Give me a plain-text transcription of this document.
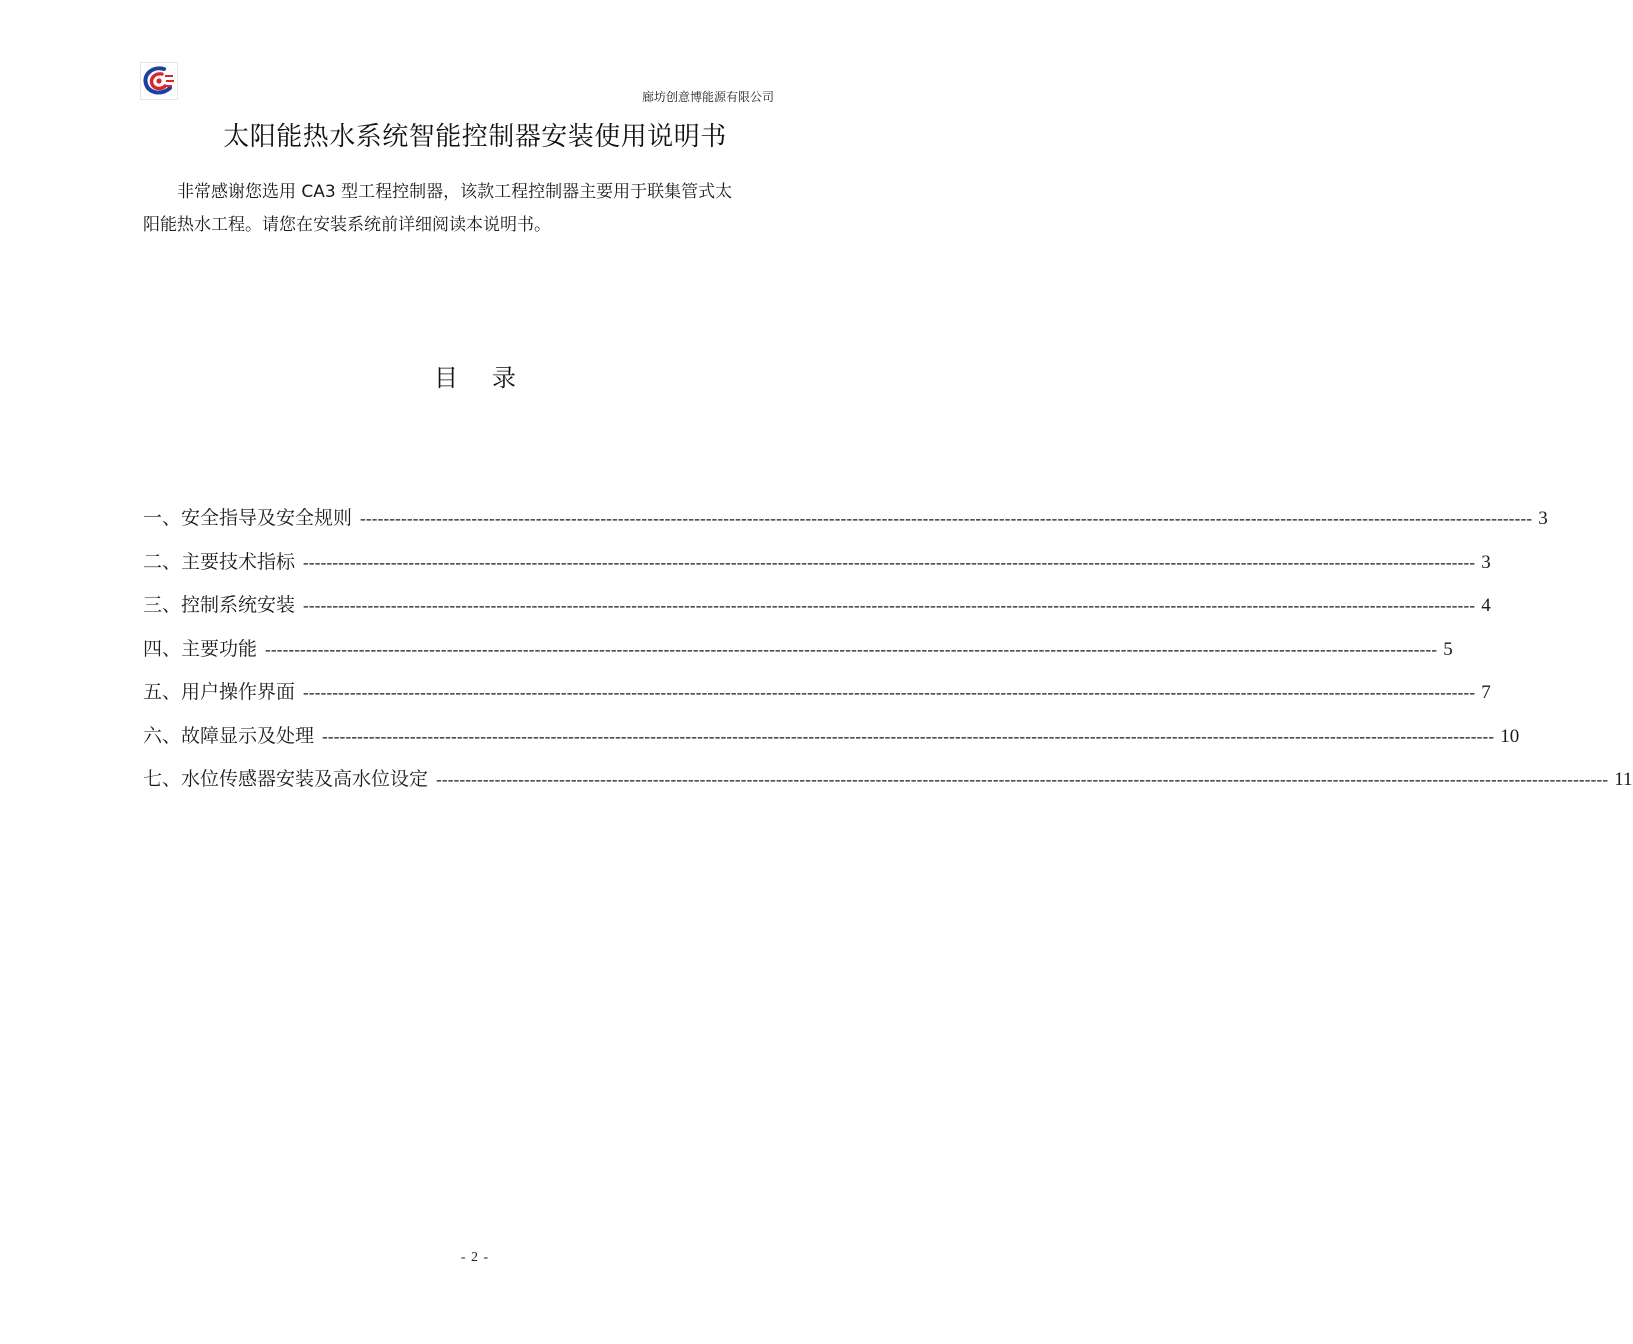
廊坊创意博能源有限公司
太阳能热水系统智能控制器安装使用说明书
非常感谢您选用 CA3 型工程控制器，该款工程控制器主要用于联集管式太
阳能热水工程。请您在安装系统前详细阅读本说明书。
目录
一、安全指导及安全规则 -------------------------------------------------------------------------------------------------------------------------------------------------------------------------------------------------------- 3
二、主要技术指标 -------------------------------------------------------------------------------------------------------------------------------------------------------------------------------------------------------- 3
三、控制系统安装 -------------------------------------------------------------------------------------------------------------------------------------------------------------------------------------------------------- 4
四、主要功能 -------------------------------------------------------------------------------------------------------------------------------------------------------------------------------------------------------- 5
五、用户操作界面 -------------------------------------------------------------------------------------------------------------------------------------------------------------------------------------------------------- 7
六、故障显示及处理 -------------------------------------------------------------------------------------------------------------------------------------------------------------------------------------------------------- 10
七、水位传感器安装及高水位设定 -------------------------------------------------------------------------------------------------------------------------------------------------------------------------------------------------------- 11
- 2 -
